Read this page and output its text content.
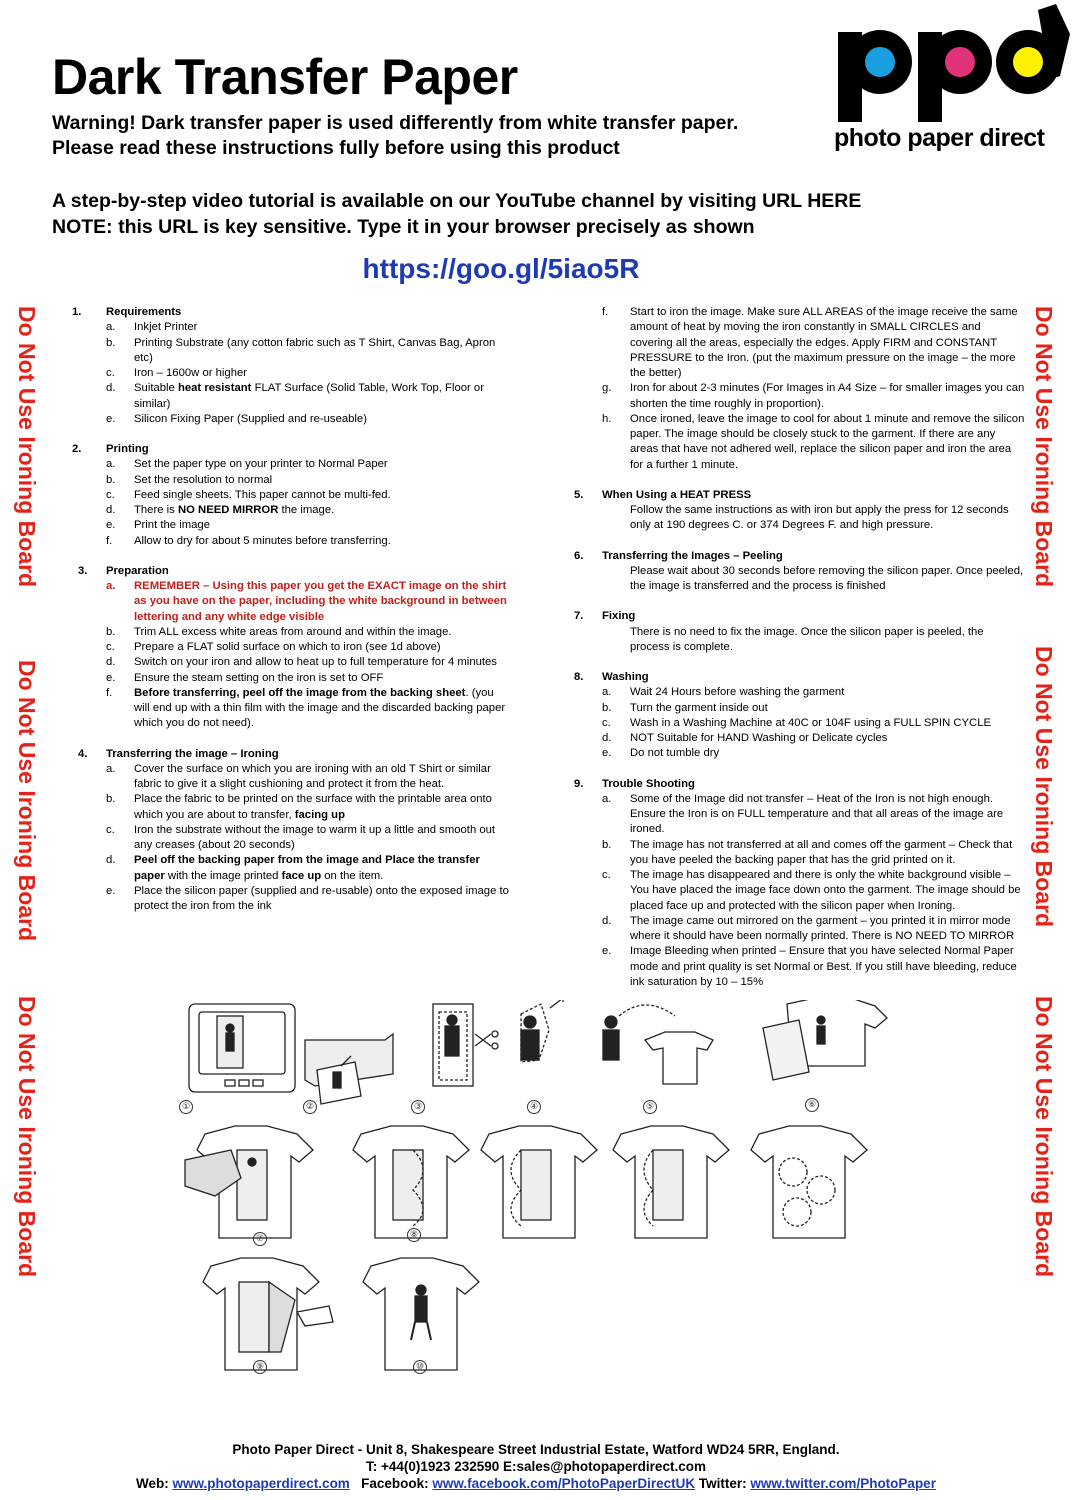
Dark Transfer Paper
Warning! Dark transfer paper is used differently from white transfer paper.
Please read these instructions fully before using this product
A step-by-step video tutorial is available on our YouTube channel by visiting URL HERE
NOTE: this URL is key sensitive. Type it in your browser precisely as shown
https://goo.gl/5iao5R
photo paper direct
Do Not Use Ironing Board
Do Not Use Ironing Board
Do Not Use Ironing Board
Do Not Use Ironing Board
Do Not Use Ironing Board
Do Not Use Ironing Board
1.	Requirements
a.	Inkjet Printer
b.	Printing Substrate (any cotton fabric such as T Shirt, Canvas Bag, Apron etc)
c.	Iron – 1600w or higher
d.	Suitable heat resistant FLAT Surface (Solid Table, Work Top, Floor or similar)
e.	Silicon Fixing Paper (Supplied and re-useable)
2.	Printing
a.	Set the paper type on your printer to Normal Paper
b.	Set the resolution to normal
c.	Feed single sheets. This paper cannot be multi-fed.
d.	There is NO NEED MIRROR the image.
e.	Print the image
f.	Allow to dry for about 5 minutes before transferring.
3.	Preparation
a.	REMEMBER – Using this paper you get the EXACT image on the shirt as you have on the paper, including the white background in between lettering and any white edge visible
b.	Trim ALL excess white areas from around and within the image.
c.	Prepare a FLAT solid surface on which to iron (see 1d above)
d.	Switch on your iron and allow to heat up to full temperature for 4 minutes
e.	Ensure the steam setting on the iron is set to OFF
f.	Before transferring, peel off the image from the backing sheet. (you will end up with a thin film with the image and the discarded backing paper which you do not need).
4.	Transferring the image – Ironing
a.	Cover the surface on which you are ironing with an old T Shirt or similar fabric to give it a slight cushioning and protect it from the heat.
b.	Place the fabric to be printed on the surface with the printable area onto which you are about to transfer, facing up
c.	Iron the substrate without the image to warm it up a little and smooth out any creases (about 20 seconds)
d.	Peel off the backing paper from the image and Place the transfer paper with the image printed face up on the item.
e.	Place the silicon paper (supplied and re-usable) onto the exposed image to protect the iron from the ink
f.	Start to iron the image. Make sure ALL AREAS of the image receive the same amount of heat by moving the iron constantly in SMALL CIRCLES and covering all the areas, especially the edges. Apply FIRM and CONSTANT PRESSURE to the Iron. (put the maximum pressure on the image – the more the better)
g.	Iron for about 2-3 minutes (For Images in A4 Size – for smaller images you can shorten the time roughly in proportion).
h.	Once ironed, leave the image to cool for about 1 minute and remove the silicon paper. The image should be closely stuck to the garment. If there are any areas that have not adhered well, replace the silicon paper and iron the area for a further 1 minute.
5.	When Using a HEAT PRESS
Follow the same instructions as with iron but apply the press for 12 seconds only at 190 degrees C. or 374 Degrees F. and high pressure.
6.	Transferring the Images – Peeling
Please wait about 30 seconds before removing the silicon paper. Once peeled, the image is transferred and the process is finished
7.	Fixing
There is no need to fix the image. Once the silicon paper is peeled, the process is complete.
8.	Washing
a.	Wait 24 Hours before washing the garment
b.	Turn the garment inside out
c.	Wash in a Washing Machine at 40C or 104F using a FULL SPIN CYCLE
d.	NOT Suitable for HAND Washing or Delicate cycles
e.	Do not tumble dry
9.	Trouble Shooting
a.	Some of the Image did not transfer – Heat of the Iron is not high enough. Ensure the Iron is on FULL temperature and that all areas of the image are ironed.
b.	The image has not transferred at all and comes off the garment – Check that you have peeled the backing paper that has the grid printed on it.
c.	The image has disappeared and there is only the white background visible – You have placed the image face down onto the garment. The image should be placed face up and protected with the silicon paper when Ironing.
d.	The image came out mirrored on the garment – you printed it in mirror mode where it should have been normally printed. There is NO NEED TO MIRROR
e.	Image Bleeding when printed – Ensure that you have selected Normal Paper mode and print quality is set Normal or Best. If you still have bleeding, reduce ink saturation by 10 – 15%
①	②	③	④	⑤	⑥
⑦	⑧
⑨	⑩
Photo Paper Direct - Unit 8, Shakespeare Street Industrial Estate, Watford WD24 5RR, England.
T: +44(0)1923 232590 E:sales@photopaperdirect.com
Web: www.photopaperdirect.com   Facebook: www.facebook.com/PhotoPaperDirectUK Twitter: www.twitter.com/PhotoPaper
